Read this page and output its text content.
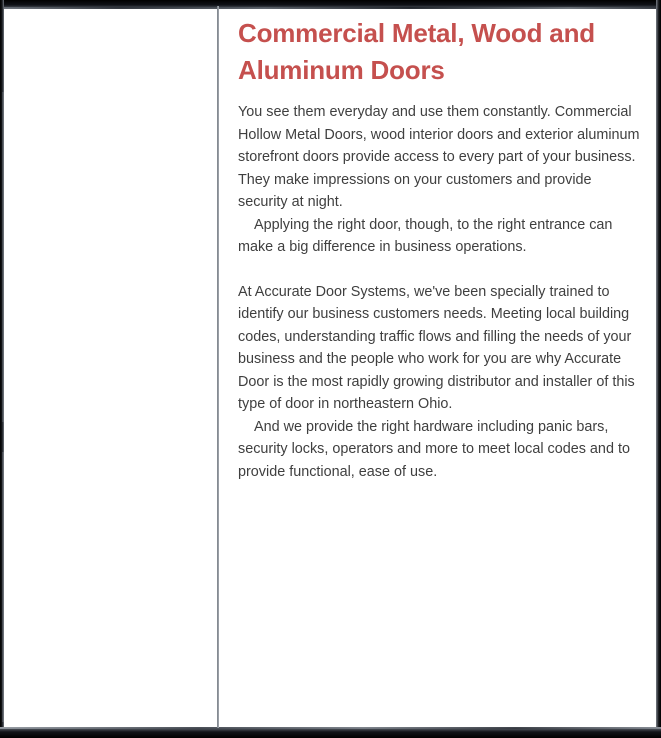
Commercial Metal, Wood and Aluminum Doors

You see them everyday and use them constantly. Commercial Hollow Metal Doors, wood interior doors and exterior aluminum storefront doors provide access to every part of your business. They make impressions on your customers and provide security at night.

Applying the right door, though, to the right entrance can make a big difference in business operations.

At Accurate Door Systems, we've been specially trained to identify our business customers needs. Meeting local building codes, understanding traffic flows and filling the needs of your business and the people who work for you are why Accurate Door is the most rapidly growing distributor and installer of this type of door in northeastern Ohio.

And we provide the right hardware including panic bars, security locks, operators and more to meet local codes and to provide functional, ease of use.
